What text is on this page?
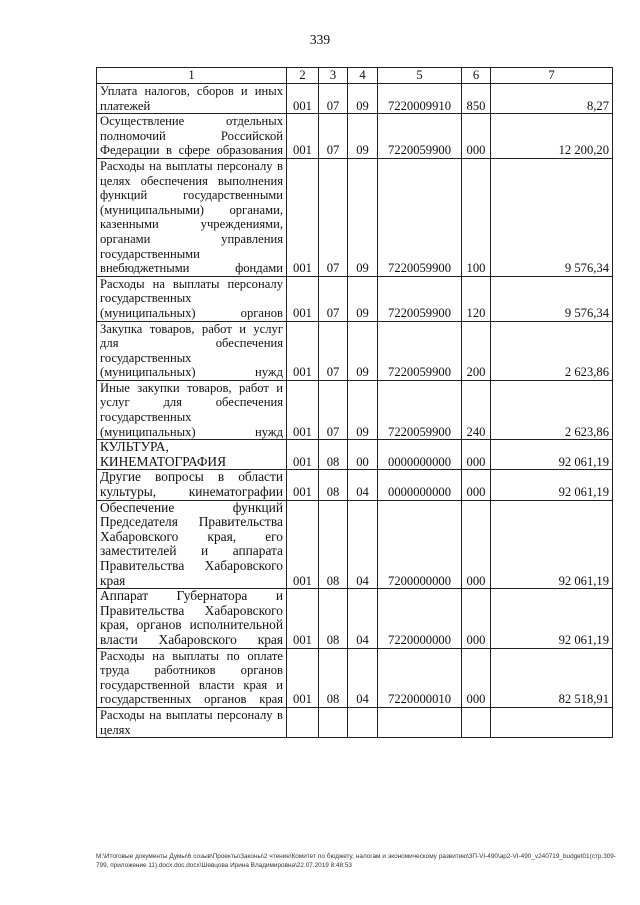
339
1	2	3	4	5	6	7
Уплата налогов, сборов и иных платежей	001	07	09	7220009910	850	8,27
Осуществление отдельных полномочий Российской Федерации в сфере образования	001	07	09	7220059900	000	12 200,20
Расходы на выплаты персоналу в целях обеспечения выполнения функций государственными (муниципальными) органами, казенными учреждениями, органами управления государственными внебюджетными фондами	001	07	09	7220059900	100	9 576,34
Расходы на выплаты персоналу государственных (муниципальных) органов	001	07	09	7220059900	120	9 576,34
Закупка товаров, работ и услуг для обеспечения государственных (муниципальных) нужд	001	07	09	7220059900	200	2 623,86
Иные закупки товаров, работ и услуг для обеспечения государственных (муниципальных) нужд	001	07	09	7220059900	240	2 623,86
КУЛЬТУРА, КИНЕМАТОГРАФИЯ	001	08	00	0000000000	000	92 061,19
Другие вопросы в области культуры, кинематографии	001	08	04	0000000000	000	92 061,19
Обеспечение функций Председателя Правительства Хабаровского края, его заместителей и аппарата Правительства Хабаровского края	001	08	04	7200000000	000	92 061,19
Аппарат Губернатора и Правительства Хабаровского края, органов исполнительной власти Хабаровского края	001	08	04	7220000000	000	92 061,19
Расходы на выплаты по оплате труда работников органов государственной власти края и государственных органов края	001	08	04	7220000010	000	82 518,91
Расходы на выплаты персоналу в целях						
M:\Итоговые документы Думы\6 созыв\Проекты\Законы\2 чтение\Комитет по бюджету, налогам и экономическому развитию\3П-VI-490\ap2-VI-490_v240719_budget01(стр.309-799, приложение 11).docx.doc.docx\Шевцова Ирина Владимировна\22.07.2019 8:48:53
